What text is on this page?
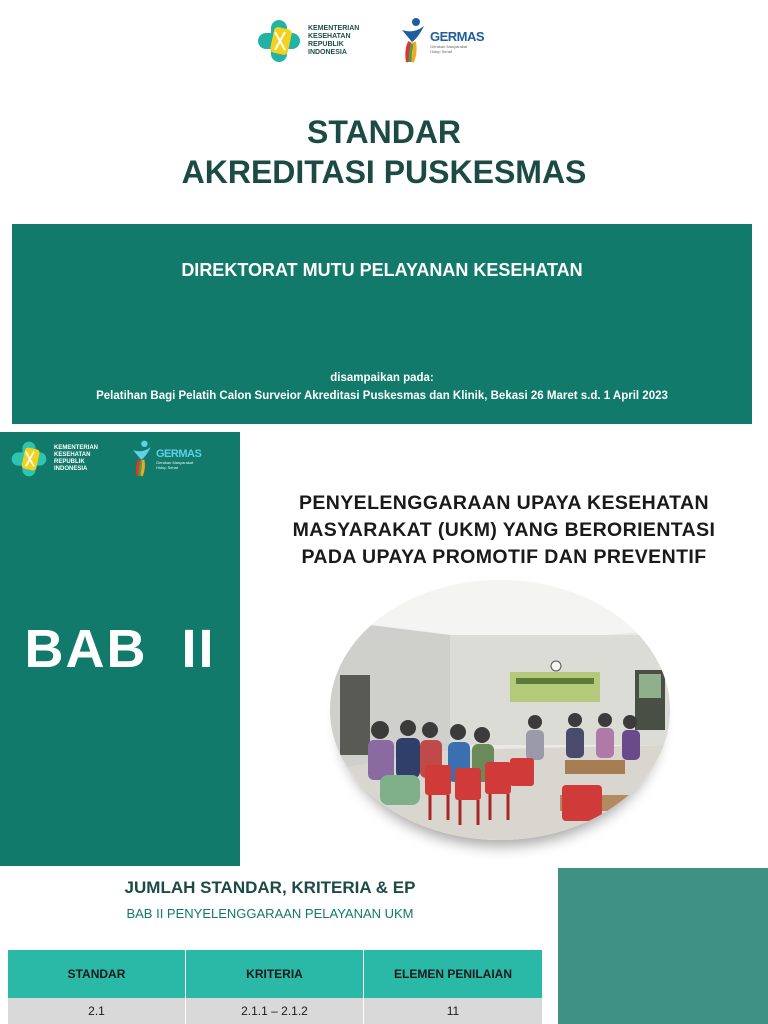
KEMENTERIAN
KESEHATAN
REPUBLIK
INDONESIA
GERMAS
Gerakan Masyarakat Hidup Sehat
STANDAR
AKREDITASI PUSKESMAS
DIREKTORAT MUTU PELAYANAN KESEHATAN
disampaikan pada:
Pelatihan Bagi Pelatih Calon Surveior Akreditasi Puskesmas dan Klinik, Bekasi 26 Maret s.d. 1 April 2023
KEMENTERIAN
KESEHATAN
REPUBLIK
INDONESIA
GERMAS
Gerakan Masyarakat Hidup Sehat
BAB  II
PENYELENGGARAAN UPAYA KESEHATAN
MASYARAKAT (UKM) YANG BERORIENTASI
PADA UPAYA PROMOTIF DAN PREVENTIF
JUMLAH STANDAR, KRITERIA & EP
BAB II PENYELENGGARAAN PELAYANAN UKM
STANDAR	KRITERIA	ELEMEN PENILAIAN
2.1	2.1.1 – 2.1.2	11
